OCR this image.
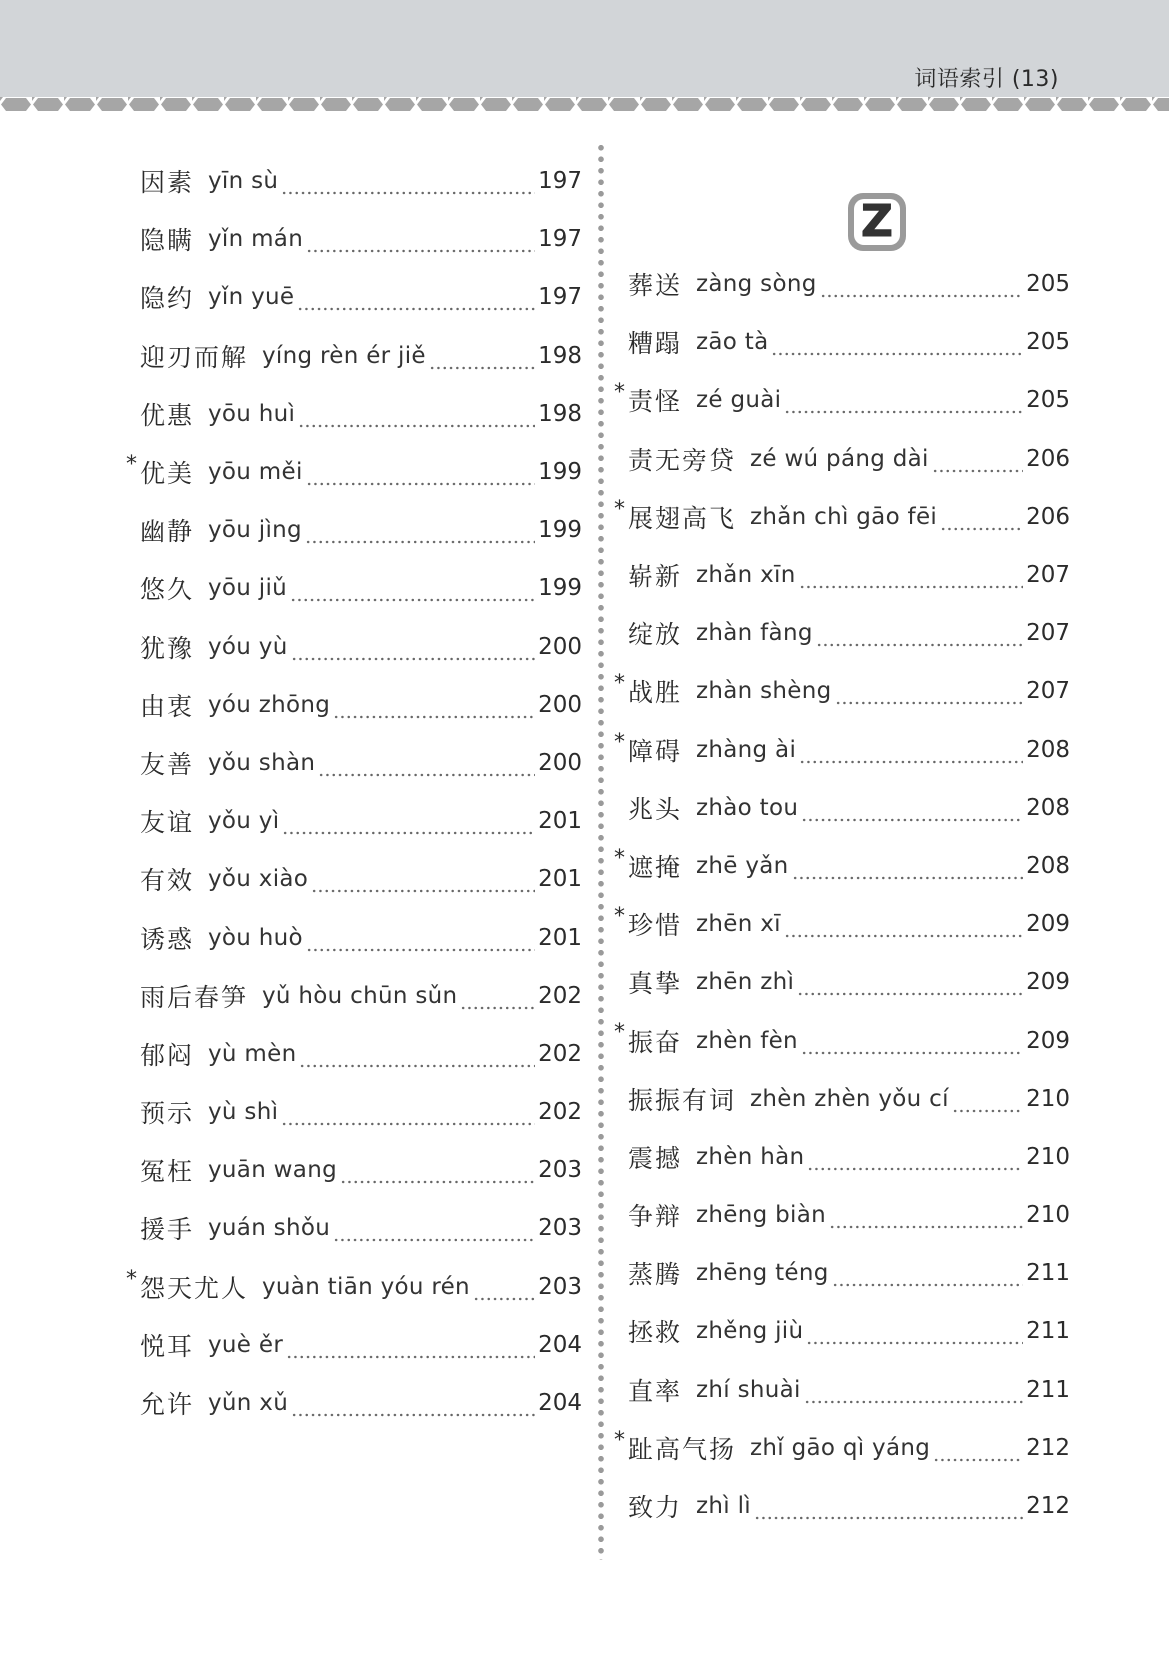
词语索引 (13)
因素 yīn sù	197
隐瞒 yǐn mán	197
隐约 yǐn yuē	197
迎刃而解 yíng rèn ér jiě	198
优惠 yōu huì	198
* 优美 yōu měi	199
幽静 yōu jìng	199
悠久 yōu jiǔ	199
犹豫 yóu yù	200
由衷 yóu zhōng	200
友善 yǒu shàn	200
友谊 yǒu yì	201
有效 yǒu xiào	201
诱惑 yòu huò	201
雨后春笋 yǔ hòu chūn sǔn	202
郁闷 yù mèn	202
预示 yù shì	202
冤枉 yuān wang	203
援手 yuán shǒu	203
* 怨天尤人 yuàn tiān yóu rén	203
悦耳 yuè ěr	204
允许 yǔn xǔ	204
Z
葬送 zàng sòng	205
糟蹋 zāo tà	205
* 责怪 zé guài	205
责无旁贷 zé wú páng dài	206
* 展翅高飞 zhǎn chì gāo fēi	206
崭新 zhǎn xīn	207
绽放 zhàn fàng	207
* 战胜 zhàn shèng	207
* 障碍 zhàng ài	208
兆头 zhào tou	208
* 遮掩 zhē yǎn	208
* 珍惜 zhēn xī	209
真挚 zhēn zhì	209
* 振奋 zhèn fèn	209
振振有词 zhèn zhèn yǒu cí	210
震撼 zhèn hàn	210
争辩 zhēng biàn	210
蒸腾 zhēng téng	211
拯救 zhěng jiù	211
直率 zhí shuài	211
* 趾高气扬 zhǐ gāo qì yáng	212
致力 zhì lì	212
